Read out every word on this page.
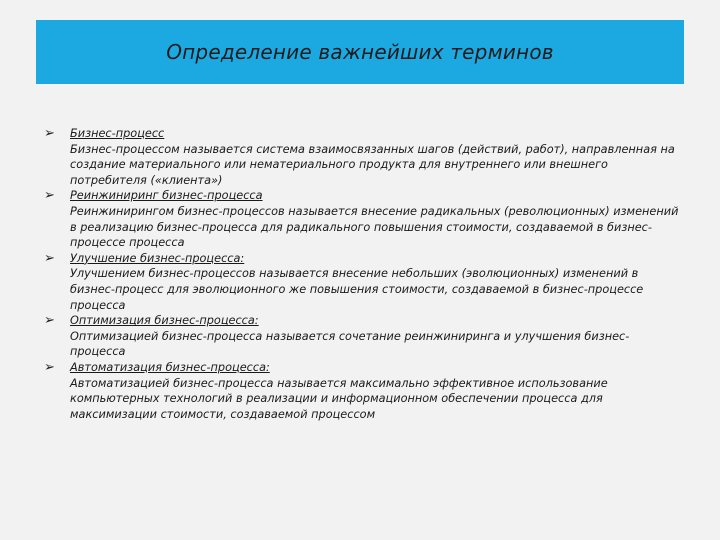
Определение важнейших терминов
➢	Бизнес-процесс
Бизнес-процессом называется система взаимосвязанных шагов (действий, работ), направленная на создание материального или нематериального продукта для внутреннего или внешнего потребителя («клиента»)
➢	Реинжиниринг бизнес-процесса
Реинжинирингом бизнес-процессов называется внесение радикальных (революционных) изменений в реализацию бизнес-процесса для радикального повышения стоимости, создаваемой в бизнес-процессе процесса
➢	Улучшение бизнес-процесса:
Улучшением бизнес-процессов называется внесение небольших (эволюционных) изменений в бизнес-процесс для эволюционного же повышения стоимости, создаваемой в бизнес-процессе процесса
➢	Оптимизация бизнес-процесса:
Оптимизацией бизнес-процесса называется сочетание реинжиниринга и улучшения бизнес-процесса
➢	Автоматизация бизнес-процесса:
Автоматизацией бизнес-процесса называется максимально эффективное использование компьютерных технологий в реализации и информационном обеспечении процесса для максимизации стоимости, создаваемой процессом
